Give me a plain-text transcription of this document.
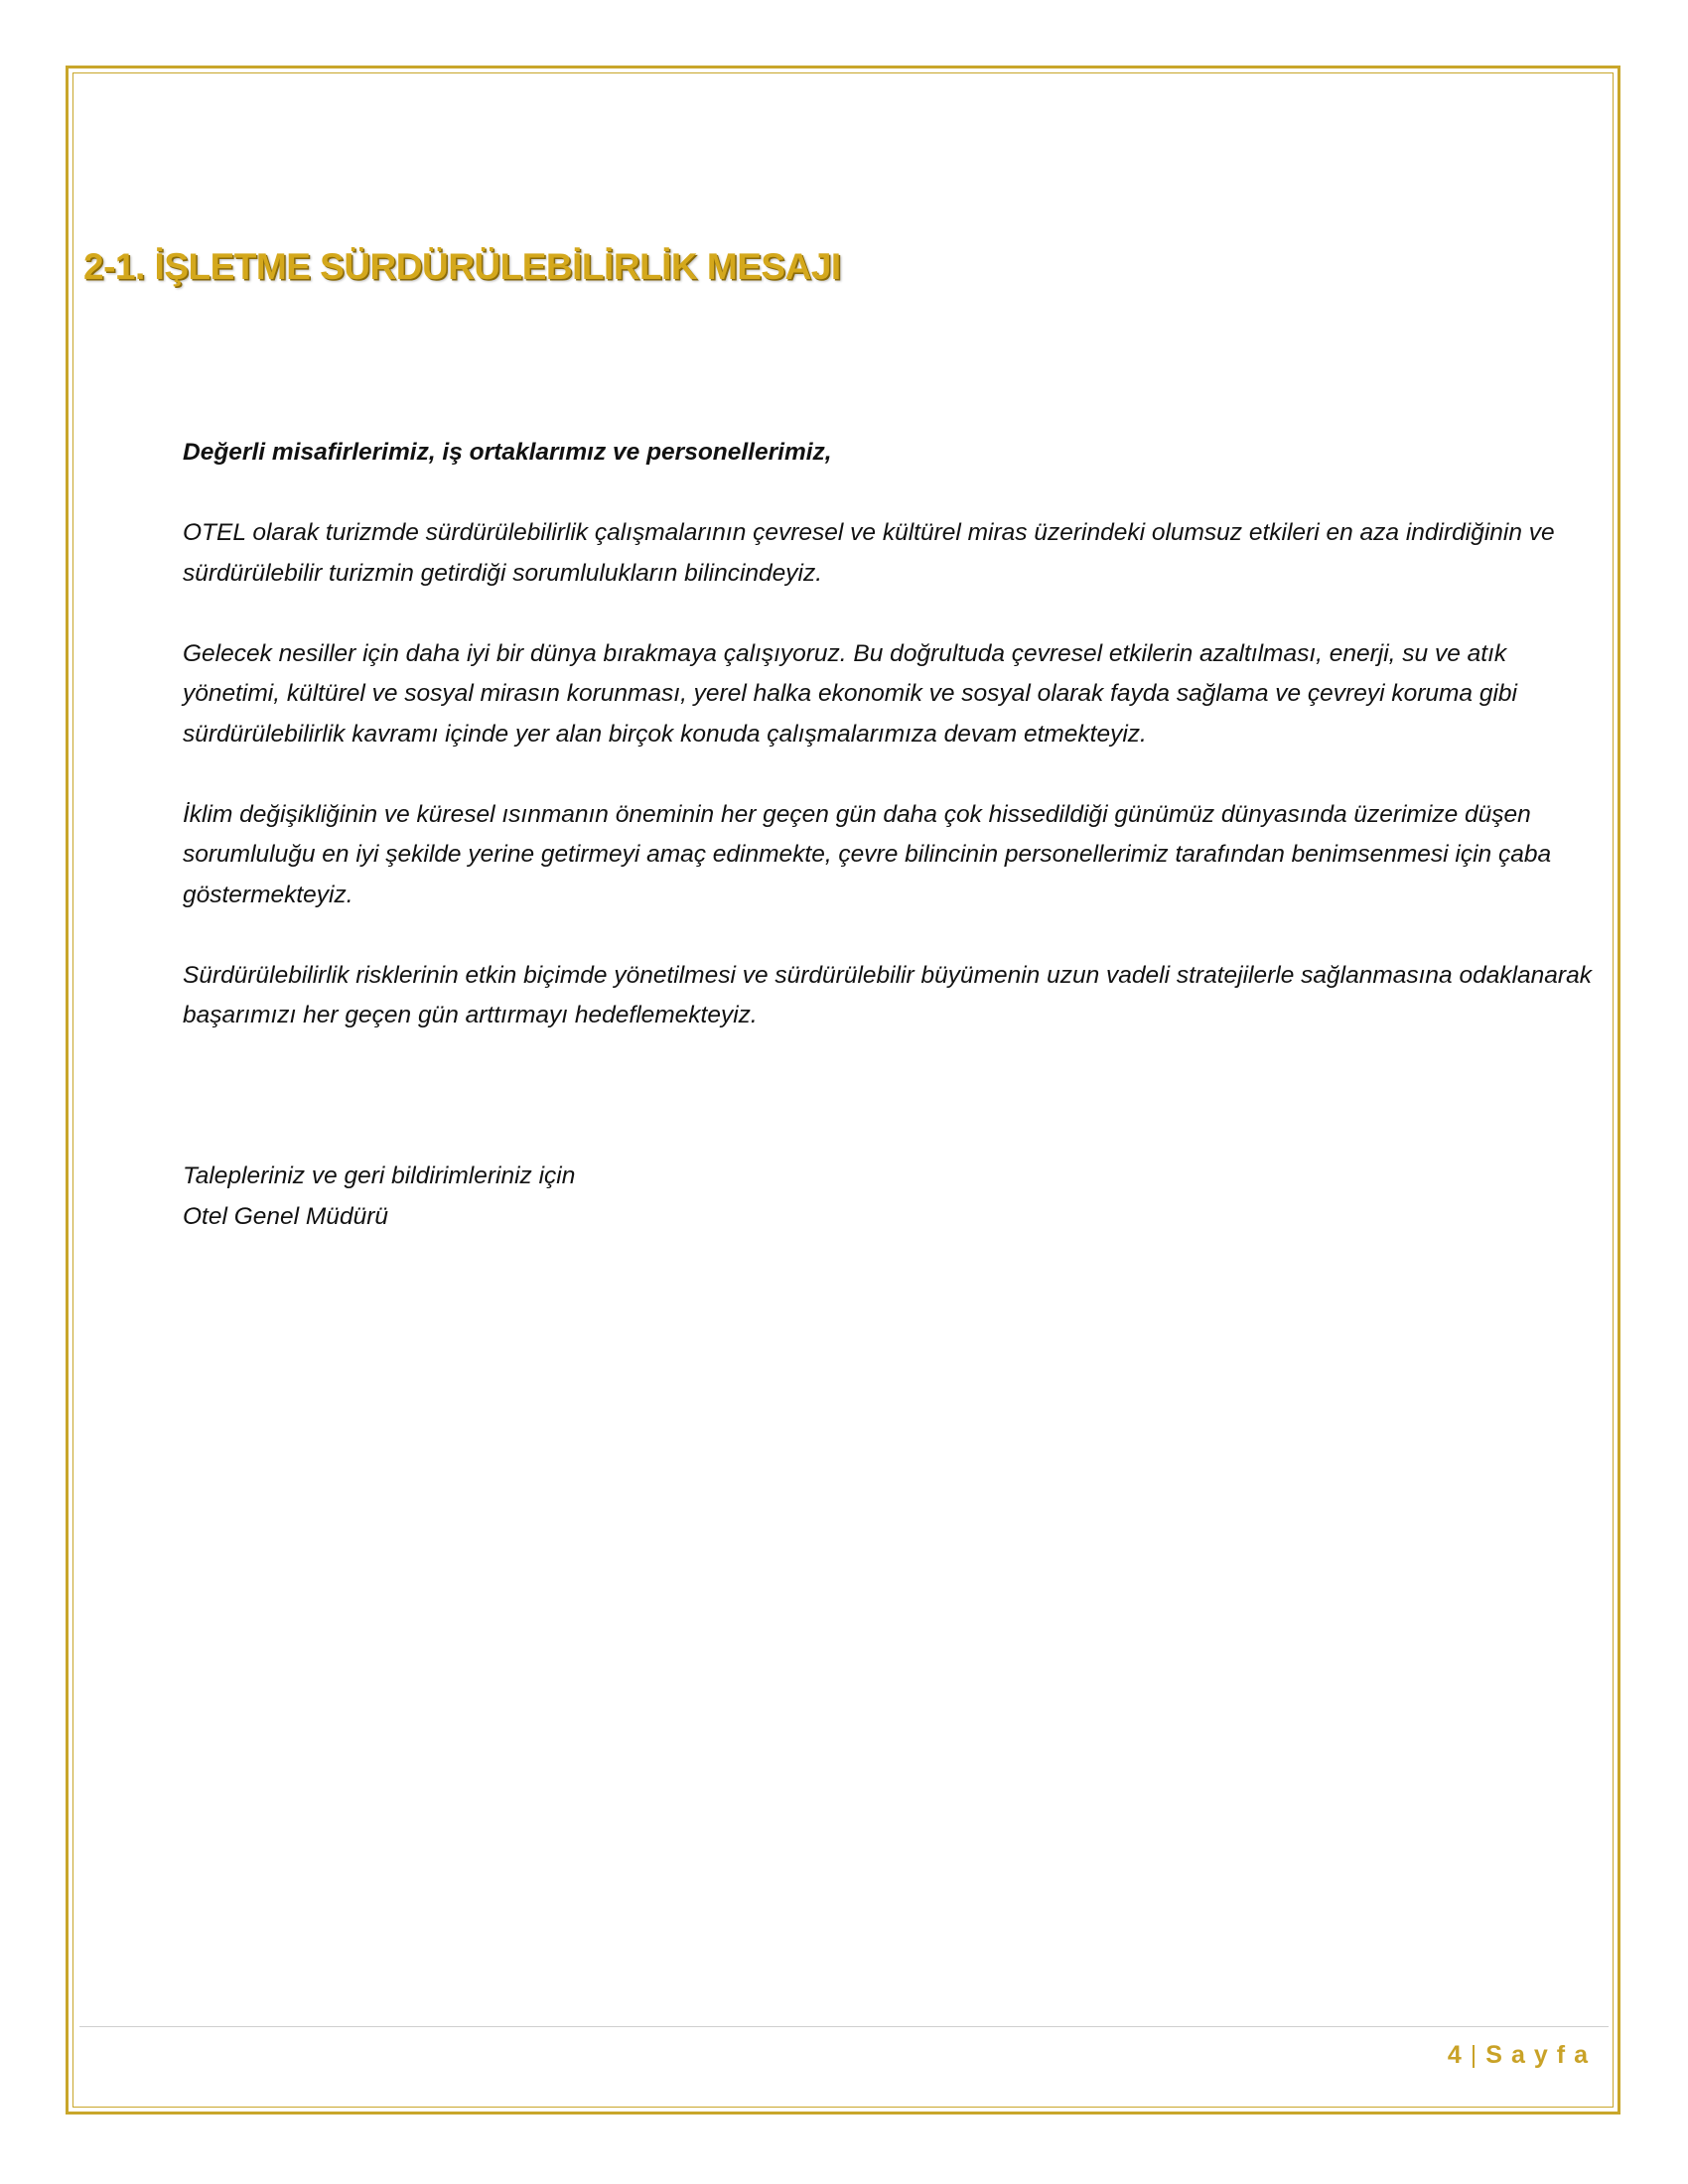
2-1. İŞLETME SÜRDÜRÜLEBİLİRLİK MESAJI

Değerli misafirlerimiz, iş ortaklarımız ve personellerimiz,

OTEL olarak turizmde sürdürülebilirlik çalışmalarının çevresel ve kültürel miras üzerindeki olumsuz etkileri en aza indirdiğinin ve sürdürülebilir turizmin getirdiği sorumlulukların bilincindeyiz.

Gelecek nesiller için daha iyi bir dünya bırakmaya çalışıyoruz. Bu doğrultuda çevresel etkilerin azaltılması, enerji, su ve atık yönetimi, kültürel ve sosyal mirasın korunması, yerel halka ekonomik ve sosyal olarak fayda sağlama ve çevreyi koruma gibi sürdürülebilirlik kavramı içinde yer alan birçok konuda çalışmalarımıza devam etmekteyiz.

İklim değişikliğinin ve küresel ısınmanın öneminin her geçen gün daha çok hissedildiği günümüz dünyasında üzerimize düşen sorumluluğu en iyi şekilde yerine getirmeyi amaç edinmekte, çevre bilincinin personellerimiz tarafından benimsenmesi için çaba göstermekteyiz.

Sürdürülebilirlik risklerinin etkin biçimde yönetilmesi ve sürdürülebilir büyümenin uzun vadeli stratejilerle sağlanmasına odaklanarak başarımızı her geçen gün arttırmayı hedeflemekteyiz.

Talepleriniz ve geri bildirimleriniz için
Otel Genel Müdürü
4 | Sayfa
